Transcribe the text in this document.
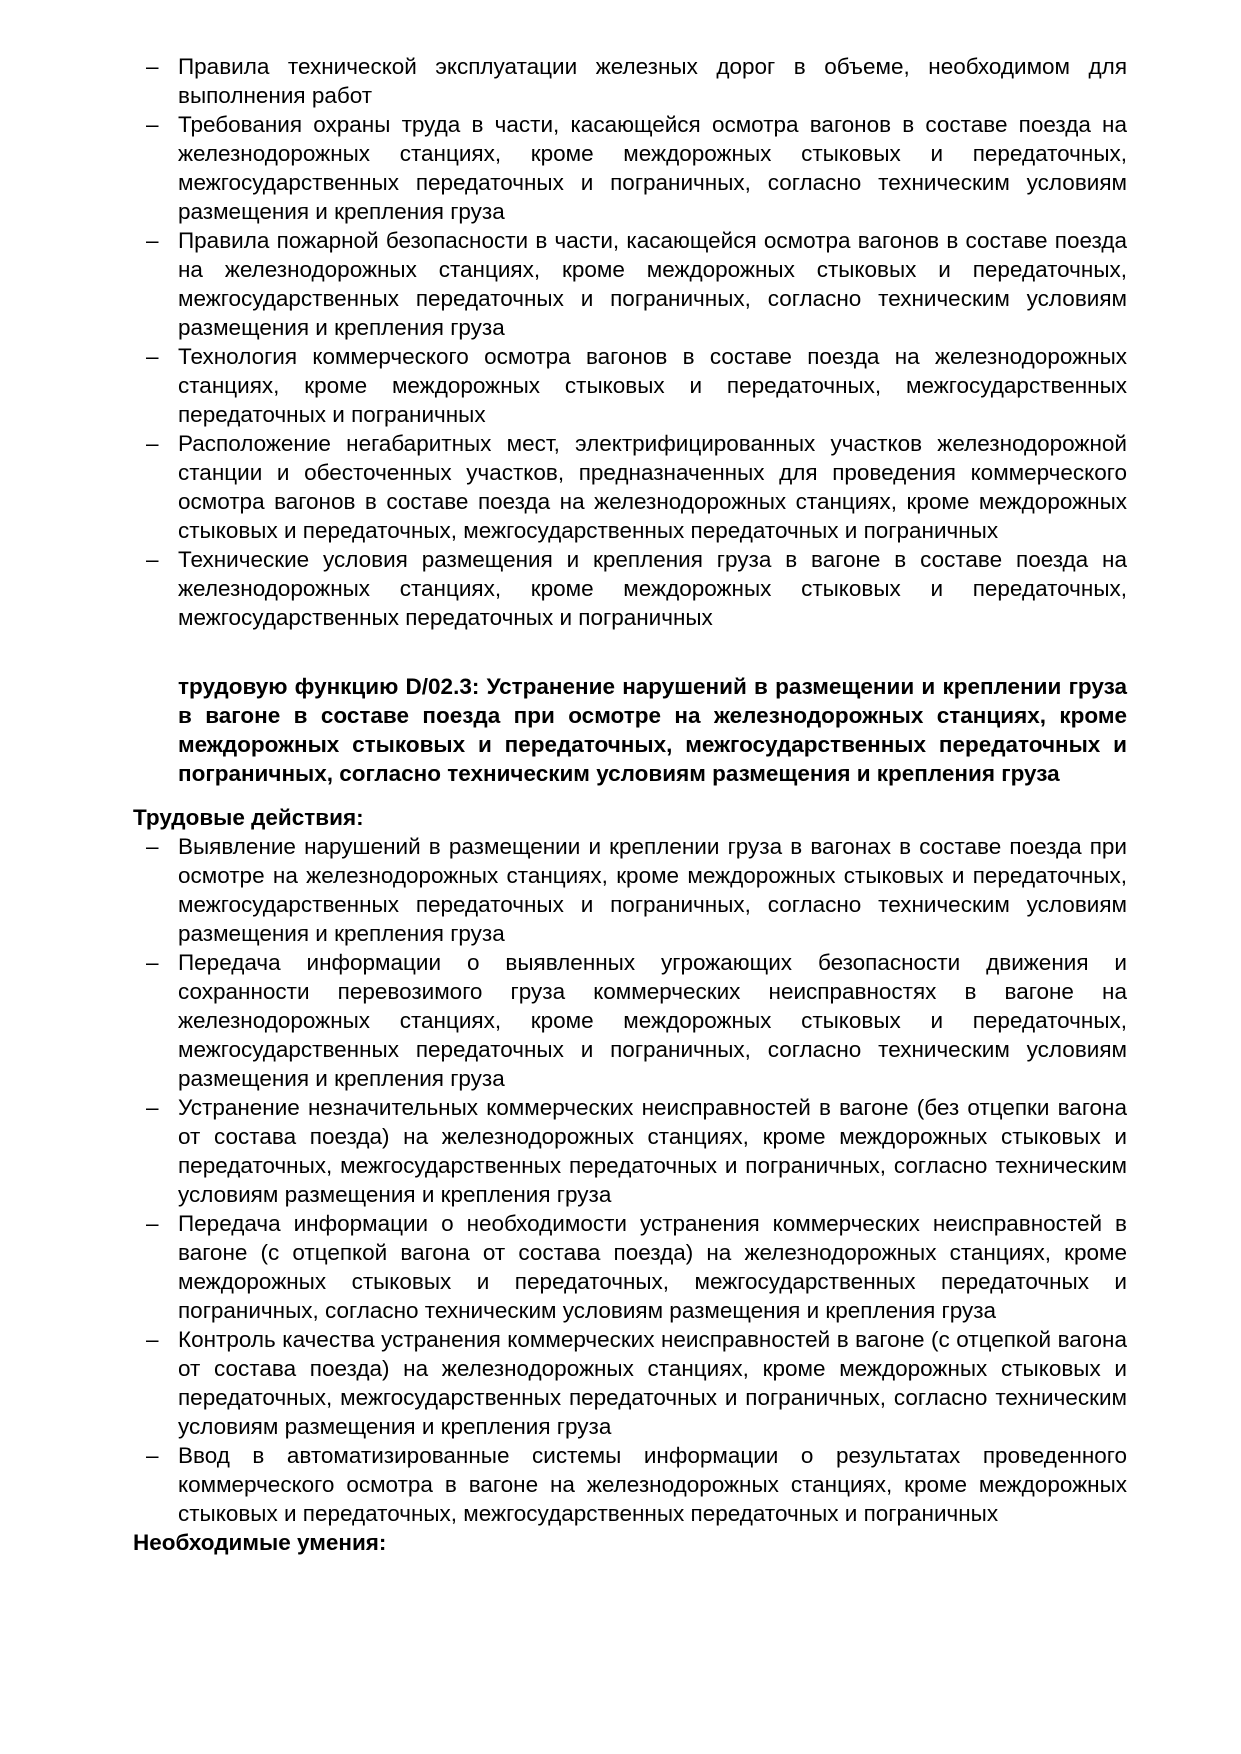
– Правила технической эксплуатации железных дорог в объеме, необходимом для выполнения работ
– Требования охраны труда в части, касающейся осмотра вагонов в составе поезда на железнодорожных станциях, кроме междорожных стыковых и передаточных, межгосударственных передаточных и пограничных, согласно техническим условиям размещения и крепления груза
– Правила пожарной безопасности в части, касающейся осмотра вагонов в составе поезда на железнодорожных станциях, кроме междорожных стыковых и передаточных, межгосударственных передаточных и пограничных, согласно техническим условиям размещения и крепления груза
– Технология коммерческого осмотра вагонов в составе поезда на железнодорожных станциях, кроме междорожных стыковых и передаточных, межгосударственных передаточных и пограничных
– Расположение негабаритных мест, электрифицированных участков железнодорожной станции и обесточенных участков, предназначенных для проведения коммерческого осмотра вагонов в составе поезда на железнодорожных станциях, кроме междорожных стыковых и передаточных, межгосударственных передаточных и пограничных
– Технические условия размещения и крепления груза в вагоне в составе поезда на железнодорожных станциях, кроме междорожных стыковых и передаточных, межгосударственных передаточных и пограничных

трудовую функцию D/02.3: Устранение нарушений в размещении и креплении груза в вагоне в составе поезда при осмотре на железнодорожных станциях, кроме междорожных стыковых и передаточных, межгосударственных передаточных и пограничных, согласно техническим условиям размещения и крепления груза

Трудовые действия:
– Выявление нарушений в размещении и креплении груза в вагонах в составе поезда при осмотре на железнодорожных станциях, кроме междорожных стыковых и передаточных, межгосударственных передаточных и пограничных, согласно техническим условиям размещения и крепления груза
– Передача информации о выявленных угрожающих безопасности движения и сохранности перевозимого груза коммерческих неисправностях в вагоне на железнодорожных станциях, кроме междорожных стыковых и передаточных, межгосударственных передаточных и пограничных, согласно техническим условиям размещения и крепления груза
– Устранение незначительных коммерческих неисправностей в вагоне (без отцепки вагона от состава поезда) на железнодорожных станциях, кроме междорожных стыковых и передаточных, межгосударственных передаточных и пограничных, согласно техническим условиям размещения и крепления груза
– Передача информации о необходимости устранения коммерческих неисправностей в вагоне (с отцепкой вагона от состава поезда) на железнодорожных станциях, кроме междорожных стыковых и передаточных, межгосударственных передаточных и пограничных, согласно техническим условиям размещения и крепления груза
– Контроль качества устранения коммерческих неисправностей в вагоне (с отцепкой вагона от состава поезда) на железнодорожных станциях, кроме междорожных стыковых и передаточных, межгосударственных передаточных и пограничных, согласно техническим условиям размещения и крепления груза
– Ввод в автоматизированные системы информации о результатах проведенного коммерческого осмотра в вагоне на железнодорожных станциях, кроме междорожных стыковых и передаточных, межгосударственных передаточных и пограничных
Необходимые умения:
